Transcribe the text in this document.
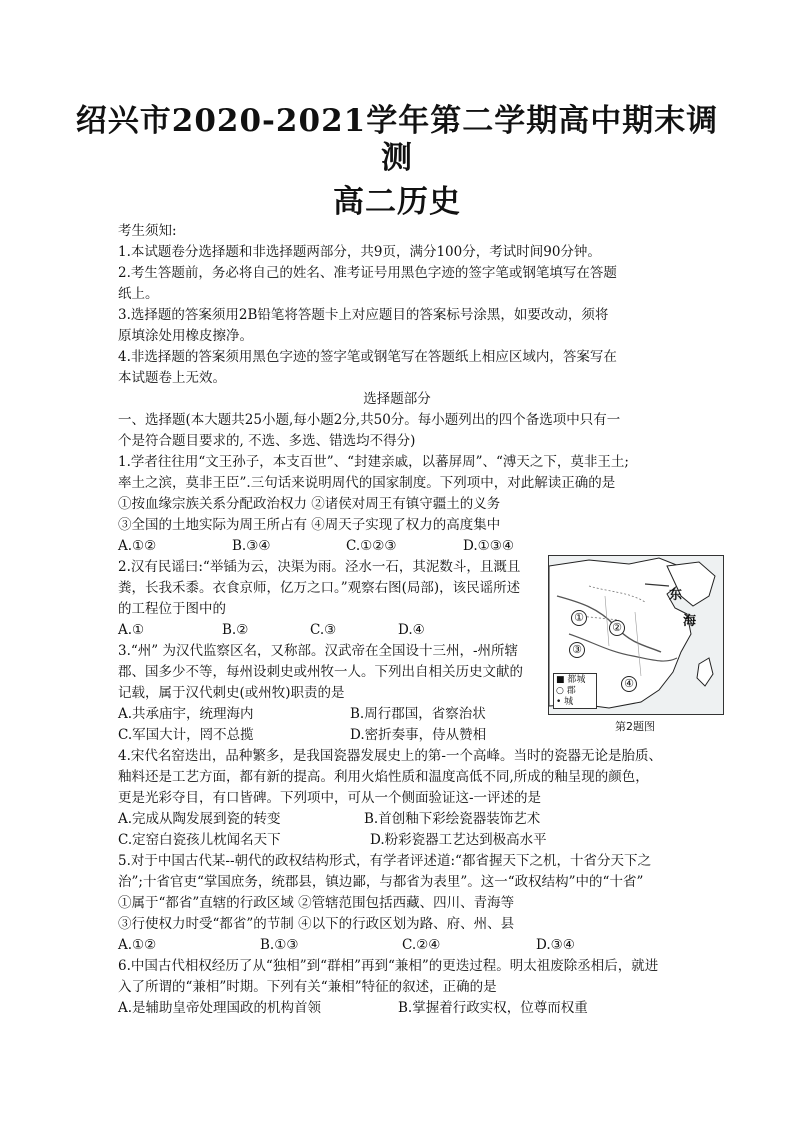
绍兴市2020-2021学年第二学期高中期末调
测
高二历史
考生须知:
1.本试题卷分选择题和非选择题两部分，共9页，满分100分，考试时间90分钟。
2.考生答题前，务必将自己的姓名、准考证号用黑色字迹的签字笔或钢笔填写在答题
纸上。
3.选择题的答案须用2B铅笔将答题卡上对应题目的答案标号涂黑，如要改动，须将
原填涂处用橡皮擦净。
4.非选择题的答案须用黑色字迹的签字笔或钢笔写在答题纸上相应区域内，答案写在
本试题卷上无效。
选择题部分
一、选择题(本大题共25小题,每小题2分,共50分。每小题列出的四个备选项中只有一
个是符合题目要求的, 不选、多选、错选均不得分)
1.学者往往用“文王孙子，本支百世”、“封建亲戚，以蕃屏周”、“溥天之下，莫非王土;
率土之滨，莫非王臣”.三句话来说明周代的国家制度。下列项中，对此解读正确的是
①按血缘宗族关系分配政治权力 ②诸侯对周王有镇守疆土的义务
③全国的土地实际为周王所占有 ④周天子实现了权力的高度集中
A.①②	B.③④	C.①②③	D.①③④
2.汉有民谣曰:“举锸为云，决渠为雨。泾水一石，其泥数斗，且溉且
粪，长我禾黍。衣食京师，亿万之口。”观察右图(局部)，该民谣所述
的工程位于图中的
A.①	B.②	C.③	D.④
3.“州” 为汉代监察区名，又称部。汉武帝在全国设十三州，-州所辖
郡、国多少不等，每州设刺史或州牧一人。下列出自相关历史文献的
记载，属于汉代刺史(或州牧)职责的是
A.共承庙宇，统理海内	B.周行郡国，省察治状
C.军国大计，罔不总揽	D.密折奏事，侍从赞相
4.宋代名窑迭出，品种繁多，是我国瓷器发展史上的第-一个高峰。当时的瓷器无论是胎质、
釉料还是工艺方面，都有新的提高。利用火焰性质和温度高低不同,所成的釉呈现的颜色，
更是光彩夺目，有口皆碑。下列项中，可从一个侧面验证这-一评述的是
A.完成从陶发展到瓷的转变	B.首创釉下彩绘瓷器装饰艺术
C.定窑白瓷孩儿枕闻名天下	D.粉彩瓷器工艺达到极高水平
5.对于中国古代某--朝代的政权结构形式，有学者评述道:“都省握天下之机，十省分天下之
治”;十省官吏“掌国庶务，统郡县，镇边鄙，与都省为表里”。这一“政权结构”中的“十省”
①属于“都省”直辖的行政区域 ②管辖范围包括西藏、四川、青海等
③行使权力时受“都省”的节制 ④以下的行政区划为路、府、州、县
A.①②	B.①③	C.②④	D.③④
6.中国古代相权经历了从“独相”到“群相”再到“兼相”的更迭过程。明太祖废除丞相后，就进
入了所谓的“兼相”时期。下列有关“兼相”特征的叙述，正确的是
A.是辅助皇帝处理国政的机构首领	B.掌握着行政实权，位尊而权重
东
海
①
②
③
④
■ 都城
○ 郡
• 城
第2题图
